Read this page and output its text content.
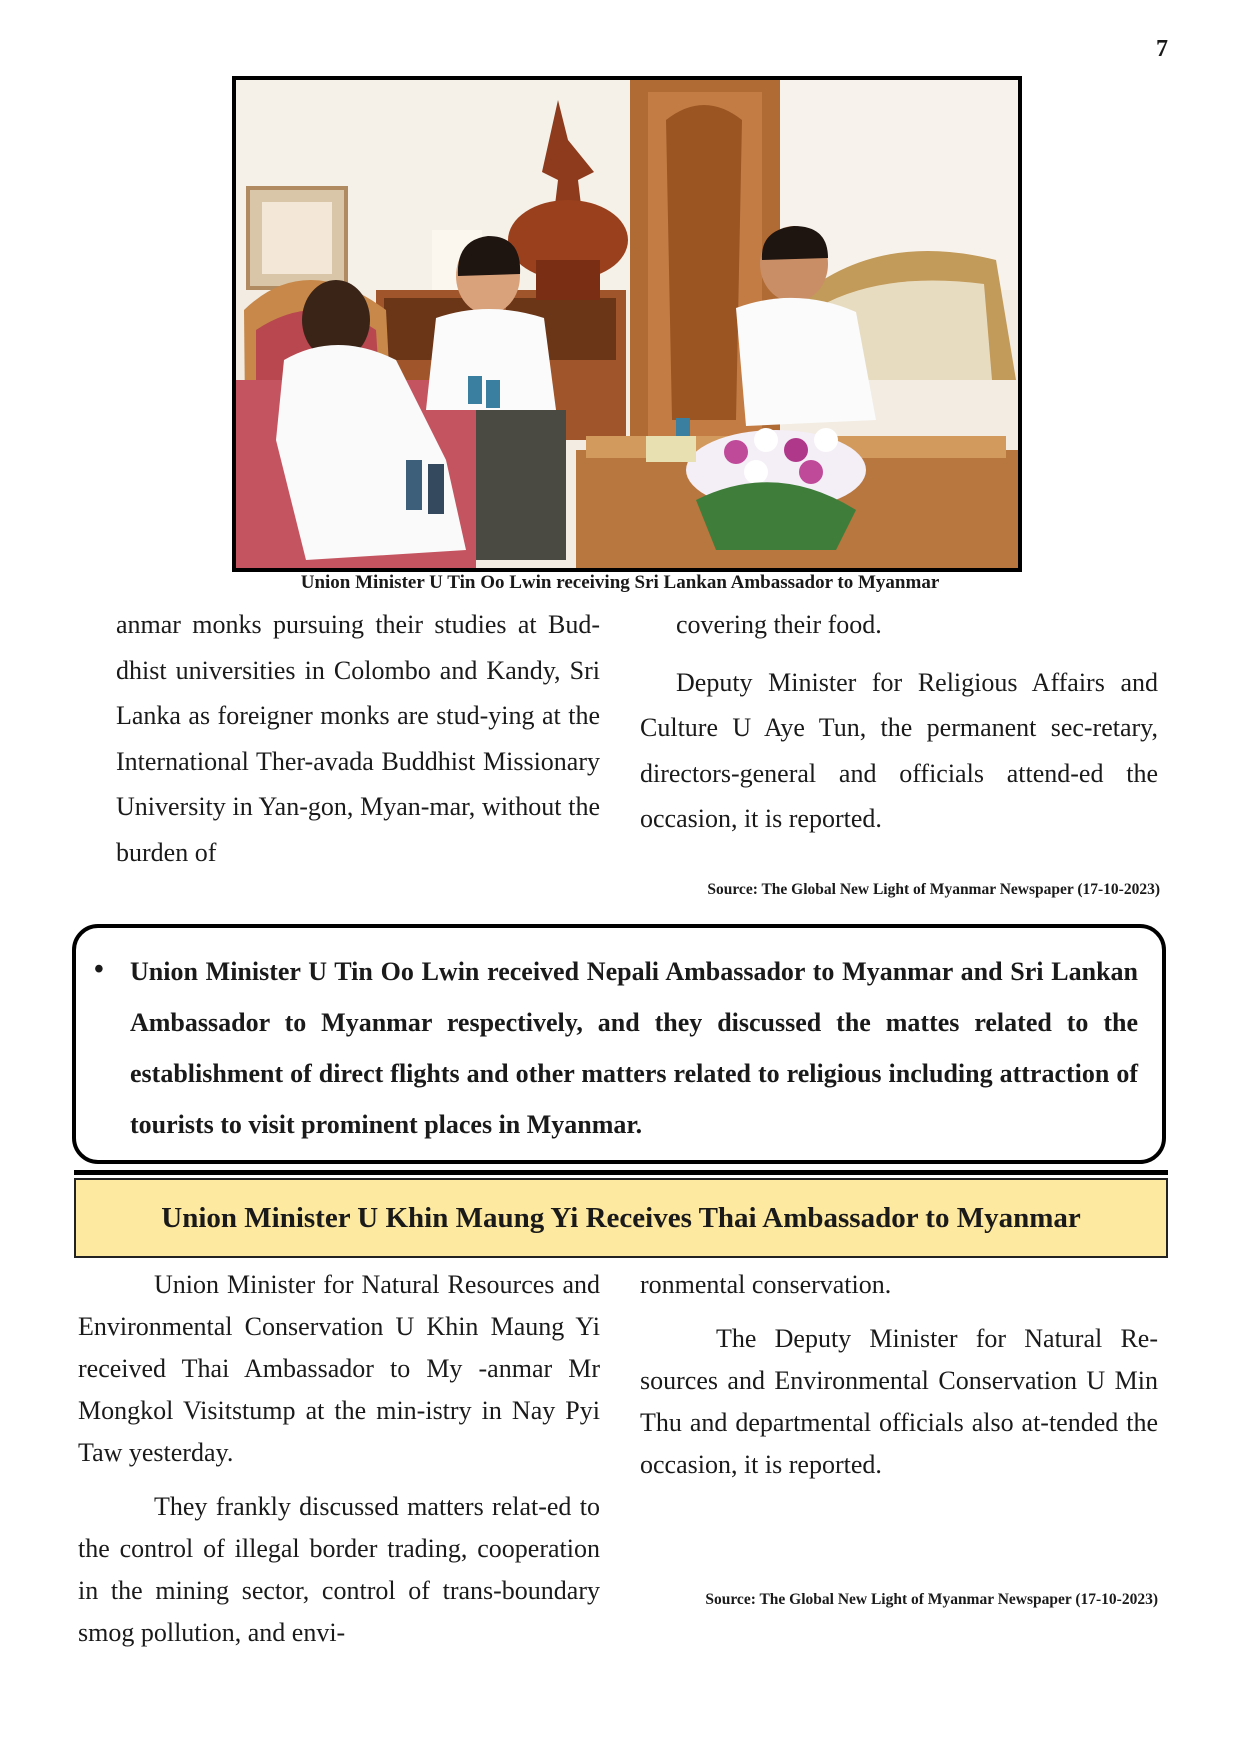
7
Union Minister U Tin Oo Lwin receiving Sri Lankan Ambassador to Myanmar

anmar monks pursuing their studies at Bud-dhist universities in Colombo and Kandy, Sri Lanka as foreigner monks are stud-ying at the International Ther-avada Buddhist Missionary University in Yan-gon, Myan-mar, without the burden of

covering their food.

Deputy Minister for Religious Affairs and Culture U Aye Tun, the permanent sec-retary, directors-general and officials attend-ed the occasion, it is reported.

Source: The Global New Light of Myanmar Newspaper (17-10-2023)
• Union Minister U Tin Oo Lwin received Nepali Ambassador to Myanmar and Sri Lankan Ambassador to Myanmar respectively, and they discussed the mattes related to the establishment of direct flights and other matters related to religious including attraction of tourists to visit prominent places in Myanmar.
Union Minister U Khin Maung Yi Receives Thai Ambassador to Myanmar

Union Minister for Natural Resources and Environmental Conservation U Khin Maung Yi received Thai Ambassador to My -anmar Mr Mongkol Visitstump at the min-istry in Nay Pyi Taw yesterday.

They frankly discussed matters relat-ed to the control of illegal border trading, cooperation in the mining sector, control of trans-boundary smog pollution, and envi-

ronmental conservation.

The Deputy Minister for Natural Re-sources and Environmental Conservation U Min Thu and departmental officials also at-tended the occasion, it is reported.

Source: The Global New Light of Myanmar Newspaper (17-10-2023)
